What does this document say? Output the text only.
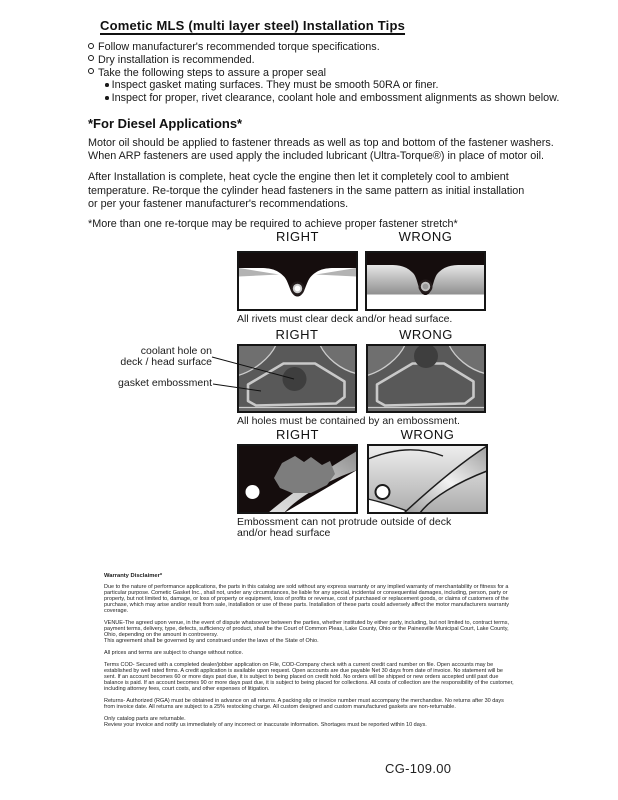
Cometic MLS (multi layer steel) Installation Tips
Follow manufacturer's recommended torque specifications.
Dry installation is recommended.
Take the following steps to assure a proper seal
Inspect gasket mating surfaces. They must be smooth 50RA or finer.
Inspect for proper, rivet clearance, coolant hole and embossment alignments as shown below.
*For Diesel Applications*
Motor oil should be applied to fastener threads as well as top and bottom of the fastener washers.
When ARP fasteners are used apply the included lubricant (Ultra-Torque®) in place of motor oil.
After Installation is complete, heat cycle the engine then let it completely cool to ambient
temperature. Re-torque the cylinder head fasteners in the same pattern as initial installation
or per your fastener manufacturer's recommendations.
*More than one re-torque may be required to achieve proper fastener stretch*
RIGHT	WRONG
All rivets must clear deck and/or head surface.
coolant hole on
deck / head surface
gasket embossment
RIGHT	WRONG
All holes must be contained by an embossment.
RIGHT	WRONG
Embossment can not protrude outside of deck
and/or head surface
Warranty Disclaimer*

Due to the nature of performance applications, the parts in this catalog are sold without any express warranty or any implied warranty of merchantability or fitness for a particular purpose. Cometic Gasket Inc., shall not, under any circumstances, be liable for any special, incidental or consequential damages, including, person, party or property, but not limited to, damage, or loss of property or equipment, loss of profits or revenue, cost of purchased or replacement goods, or claims of customers of the purchase, which may arise and/or result from sale, installation or use of these parts. Installation of these parts could adversely affect the motor manufacturers warranty coverage.

VENUE-The agreed upon venue, in the event of dispute whatsoever between the parties, whether instituted by either party, including, but not limited to, contract terms, payment terms, delivery, type, defects, sufficiency of product, shall be the Court of Common Pleas, Lake County, Ohio or the Painesville Municipal Court, Lake County, Ohio, depending on the amount in controversy.

This agreement shall be governed by and construed under the laws of the State of Ohio.

All prices and terms are subject to change without notice.

Terms COD- Secured with a completed dealer/jobber application on File, COD-Company check with a current credit card number on file. Open accounts may be established by well rated firms. A credit application is available upon request. Open accounts are due payable Net 30 days from date of invoice. No statement will be sent. If an account becomes 60 or more days past due, it is subject to being placed on credit hold. No orders will be shipped or new orders accepted until past due balance is paid. If an account becomes 90 or more days past due, it is subject to being placed for collections. All costs of collection are the responsibility of the customer, including attorney fees, court costs, and other expenses of litigation.

Returns- Authorized (RGA) must be obtained in advance on all returns. A packing slip or invoice number must accompany the merchandise. No returns after 30 days from invoice date. All returns are subject to a 25% restocking charge. All custom designed and custom manufactured gaskets are non-returnable.

Only catalog parts are returnable.

Review your invoice and notify us immediately of any incorrect or inaccurate information. Shortages must be reported within 10 days.

CG-109.00
